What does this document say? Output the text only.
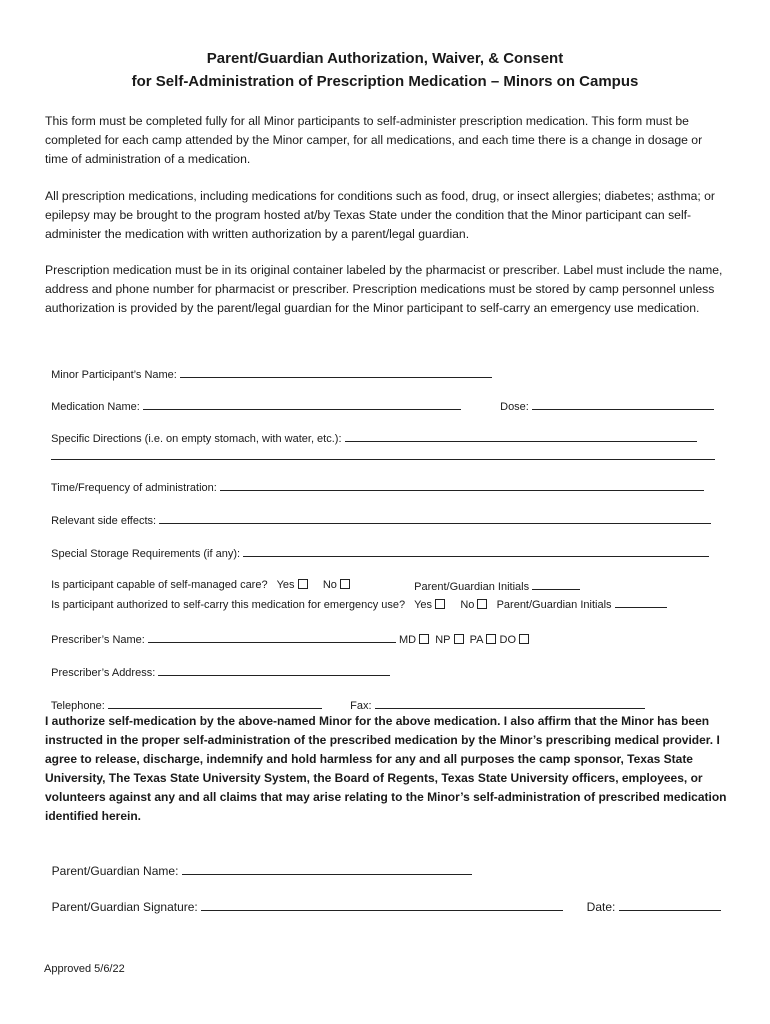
Parent/Guardian Authorization, Waiver, & Consent
for Self-Administration of Prescription Medication – Minors on Campus
This form must be completed fully for all Minor participants to self-administer prescription medication. This form must be completed for each camp attended by the Minor camper, for all medications, and each time there is a change in dosage or time of administration of a medication.
All prescription medications, including medications for conditions such as food, drug, or insect allergies; diabetes; asthma; or epilepsy may be brought to the program hosted at/by Texas State under the condition that the Minor participant can self-administer the medication with written authorization by a parent/legal guardian.
Prescription medication must be in its original container labeled by the pharmacist or prescriber. Label must include the name, address and phone number for pharmacist or prescriber. Prescription medications must be stored by camp personnel unless authorization is provided by the parent/legal guardian for the Minor participant to self-carry an emergency use medication.

Minor Participant’s Name:

Medication Name:	Dose:

Specific Directions (i.e. on empty stomach, with water, etc.):

Time/Frequency of administration:

Relevant side effects:

Special Storage Requirements (if any):

Is participant capable of self-managed care? Yes	No	Parent/Guardian Initials

Is participant authorized to self-carry this medication for emergency use? Yes	No Parent/Guardian Initials

Prescriber’s Name:	MD NP PA DO

Prescriber’s Address:

Telephone:	Fax:

I authorize self-medication by the above-named Minor for the above medication. I also affirm that the Minor has been instructed in the proper self-administration of the prescribed medication by the Minor’s prescribing medical provider. I agree to release, discharge, indemnify and hold harmless for any and all purposes the camp sponsor, Texas State University, The Texas State University System, the Board of Regents, Texas State University officers, employees, or volunteers against any and all claims that may arise relating to the Minor’s self-administration of prescribed medication identified herein.

Parent/Guardian Name:

Parent/Guardian Signature:	Date:

Approved 5/6/22
